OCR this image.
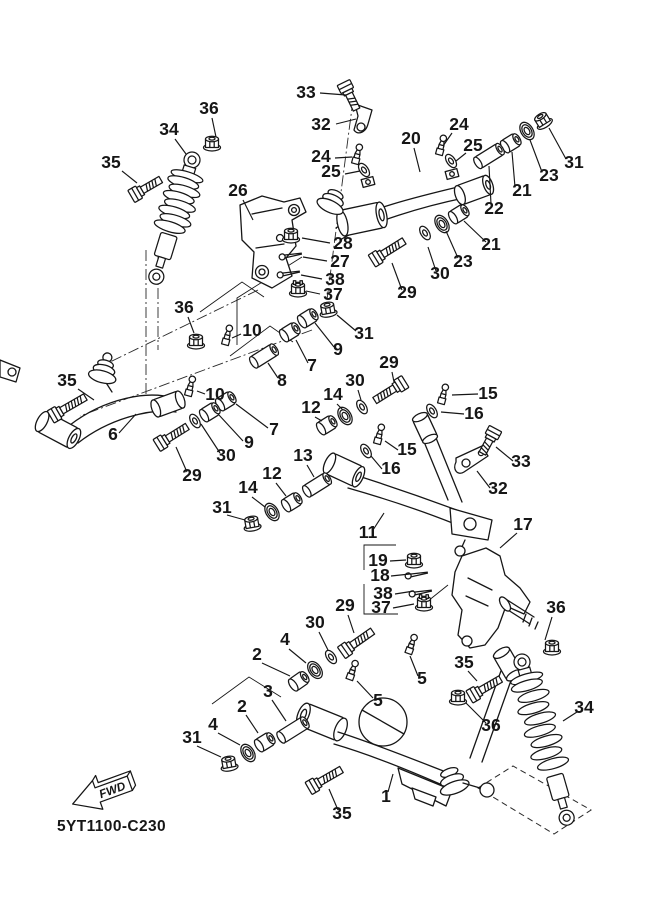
33
32
20
24
25
24
25
36
34
35	31
23
21
22
26
28
27
38
37	29
30
23
21
36
10
8
7
9
31
35
6
10
7
9
30
29
29
30
14
12
15
16
15
16	33
32
13
12
14
31
11	17
19
18
38
37	36
29
30
4
2
3
2
4
31
5
5
35
36
1
35
34
FWD
5YT1100-C230
